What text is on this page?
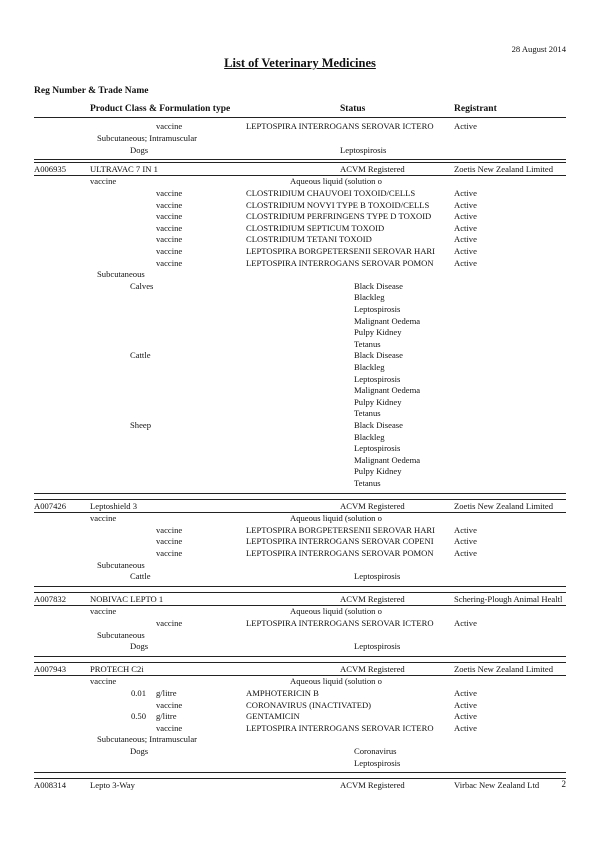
28 August 2014
List of Veterinary Medicines
Reg Number & Trade Name
Product Class & Formulation type	Status	Registrant
vaccine	LEPTOSPIRA INTERROGANS SEROVAR ICTERO Active
Subcutaneous; Intramuscular
Dogs	Leptospirosis
A006935	ULTRAVAC 7 IN 1	ACVM Registered	Zoetis New Zealand Limited
vaccine	Aqueous liquid (solution o
vaccine	CLOSTRIDIUM CHAUVOEI TOXOID/CELLS	Active
vaccine	CLOSTRIDIUM NOVYI TYPE B TOXOID/CELLS	Active
vaccine	CLOSTRIDIUM PERFRINGENS TYPE D TOXOID	Active
vaccine	CLOSTRIDIUM SEPTICUM TOXOID	Active
vaccine	CLOSTRIDIUM TETANI TOXOID	Active
vaccine	LEPTOSPIRA BORGPETERSENII SEROVAR HARI Active
vaccine	LEPTOSPIRA INTERROGANS SEROVAR POMON Active
Subcutaneous
Calves	Black Disease
Blackleg
Leptospirosis
Malignant Oedema
Pulpy Kidney
Tetanus
Cattle	Black Disease
Blackleg
Leptospirosis
Malignant Oedema
Pulpy Kidney
Tetanus
Sheep	Black Disease
Blackleg
Leptospirosis
Malignant Oedema
Pulpy Kidney
Tetanus
A007426	Leptoshield 3	ACVM Registered	Zoetis New Zealand Limited
vaccine	Aqueous liquid (solution o
vaccine	LEPTOSPIRA BORGPETERSENII SEROVAR HARI Active
vaccine	LEPTOSPIRA INTERROGANS SEROVAR COPENI Active
vaccine	LEPTOSPIRA INTERROGANS SEROVAR POMON Active
Subcutaneous
Cattle	Leptospirosis
A007832	NOBIVAC LEPTO 1	ACVM Registered	Schering-Plough Animal Healtl
vaccine	Aqueous liquid (solution o
vaccine	LEPTOSPIRA INTERROGANS SEROVAR ICTERO Active
Subcutaneous
Dogs	Leptospirosis
A007943	PROTECH C2i	ACVM Registered	Zoetis New Zealand Limited
vaccine	Aqueous liquid (solution o
0.01 g/litre	AMPHOTERICIN B	Active
vaccine	CORONAVIRUS (INACTIVATED)	Active
0.50 g/litre	GENTAMICIN	Active
vaccine	LEPTOSPIRA INTERROGANS SEROVAR ICTERO Active
Subcutaneous; Intramuscular
Dogs	Coronavirus
Leptospirosis
A008314	Lepto 3-Way	ACVM Registered	Virbac New Zealand Ltd 2
